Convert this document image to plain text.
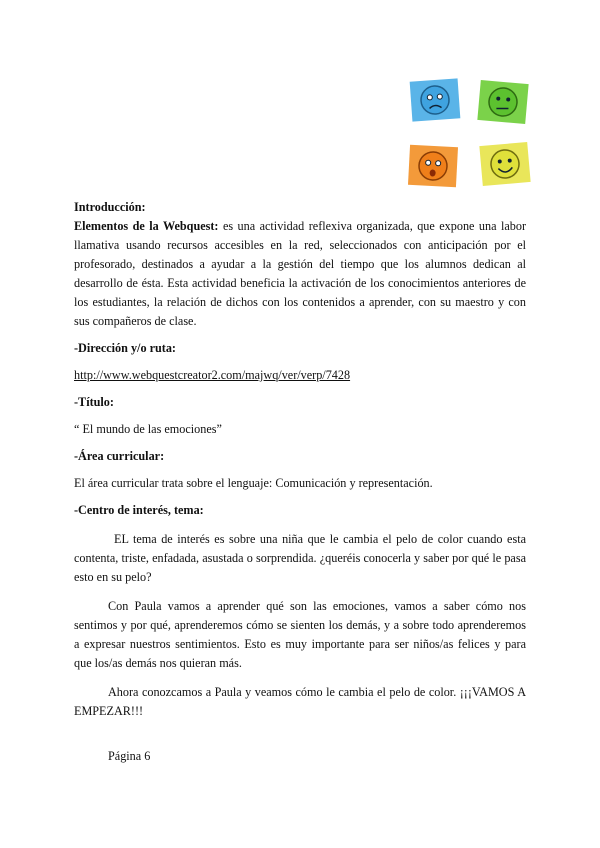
Introducción:

Elementos de la Webquest: es una actividad reflexiva organizada, que expone una labor llamativa usando recursos accesibles en la red, seleccionados con anticipación por el profesorado, destinados a ayudar a la gestión del tiempo que los alumnos dedican al desarrollo de ésta. Esta actividad beneficia la activación de los conocimientos anteriores de los estudiantes, la relación de dichos con los contenidos a aprender, con su maestro y con sus compañeros de clase.

-Dirección y/o ruta:

http://www.webquestcreator2.com/majwq/ver/verp/7428

-Título:

“ El mundo de las emociones”

-Área curricular:

El área curricular trata sobre el lenguaje: Comunicación y representación.

-Centro de interés, tema:

EL tema de interés es sobre una niña que le cambia el pelo de color cuando esta contenta, triste, enfadada, asustada o sorprendida. ¿queréis conocerla y saber por qué le pasa esto en su pelo?

Con Paula vamos a aprender qué son las emociones, vamos a saber cómo nos sentimos y por qué, aprenderemos cómo se sienten los demás, y a sobre todo aprenderemos a expresar nuestros sentimientos. Esto es muy importante para ser niños/as felices y para que los/as demás nos quieran más.

Ahora conozcamos a Paula y veamos cómo le cambia el pelo de color. ¡¡¡VAMOS A EMPEZAR!!!

Página 6
